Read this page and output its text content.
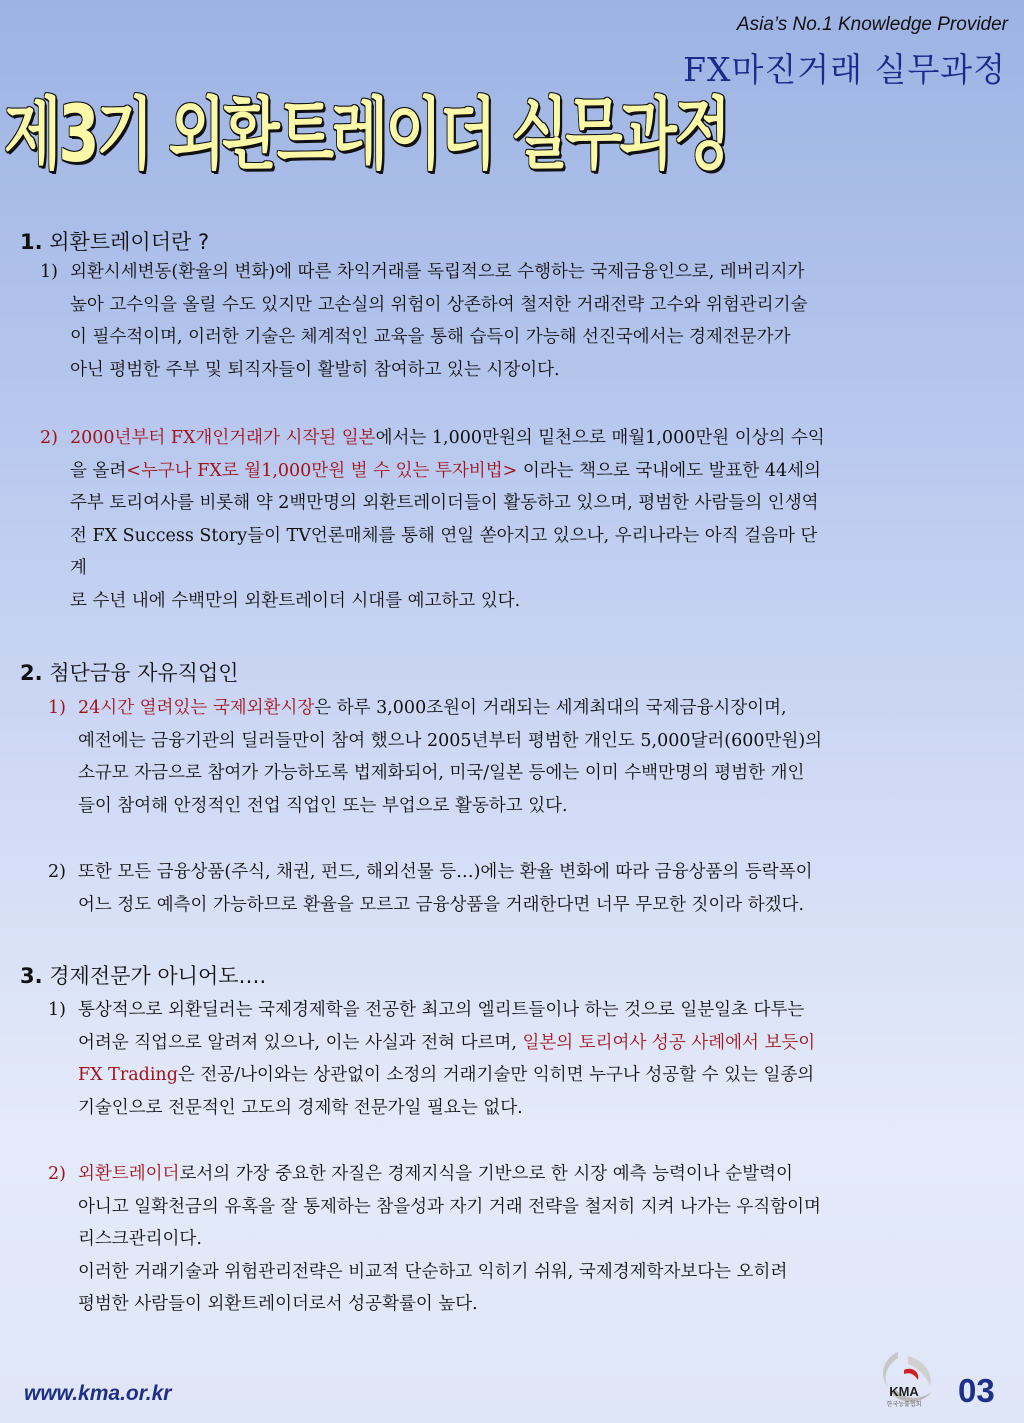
Asia’s No.1 Knowledge Provider
FX마진거래 실무과정
제3기 외환트레이더 실무과정
1. 외환트레이더란 ?
1) 외환시세변동(환율의 변화)에 따른 차익거래를 독립적으로 수행하는 국제금융인으로, 레버리지가
높아 고수익을 올릴 수도 있지만 고손실의 위험이 상존하여 철저한 거래전략 고수와 위험관리기술
이 필수적이며, 이러한 기술은 체계적인 교육을 통해 습득이 가능해 선진국에서는 경제전문가가
아닌 평범한 주부 및 퇴직자들이 활발히 참여하고 있는 시장이다.
2) 2000년부터 FX개인거래가 시작된 일본에서는 1,000만원의 밑천으로 매월1,000만원 이상의 수익
을 올려<누구나 FX로 월1,000만원 벌 수 있는 투자비법> 이라는 책으로 국내에도 발표한 44세의
주부 토리여사를 비롯해 약 2백만명의 외환트레이더들이 활동하고 있으며, 평범한 사람들의 인생역
전 FX Success Story들이 TV언론매체를 통해 연일 쏟아지고 있으나, 우리나라는 아직 걸음마 단
계
로 수년 내에 수백만의 외환트레이더 시대를 예고하고 있다.
2. 첨단금융 자유직업인
1) 24시간 열려있는 국제외환시장은 하루 3,000조원이 거래되는 세계최대의 국제금융시장이며,
예전에는 금융기관의 딜러들만이 참여 했으나 2005년부터 평범한 개인도 5,000달러(600만원)의
소규모 자금으로 참여가 가능하도록 법제화되어, 미국/일본 등에는 이미 수백만명의 평범한 개인
들이 참여해 안정적인 전업 직업인 또는 부업으로 활동하고 있다.
2) 또한 모든 금융상품(주식, 채권, 펀드, 해외선물 등…)에는 환율 변화에 따라 금융상품의 등락폭이
어느 정도 예측이 가능하므로 환율을 모르고 금융상품을 거래한다면 너무 무모한 짓이라 하겠다.
3. 경제전문가 아니어도….
1) 통상적으로 외환딜러는 국제경제학을 전공한 최고의 엘리트들이나 하는 것으로 일분일초 다투는
어려운 직업으로 알려져 있으나, 이는 사실과 전혀 다르며, 일본의 토리여사 성공 사례에서 보듯이
FX Trading은 전공/나이와는 상관없이 소정의 거래기술만 익히면 누구나 성공할 수 있는 일종의
기술인으로 전문적인 고도의 경제학 전문가일 필요는 없다.
2) 외환트레이더로서의 가장 중요한 자질은 경제지식을 기반으로 한 시장 예측 능력이나 순발력이
아니고 일확천금의 유혹을 잘 통제하는 참을성과 자기 거래 전략을 철저히 지켜 나가는 우직함이며
리스크관리이다.
이러한 거래기술과 위험관리전략은 비교적 단순하고 익히기 쉬워, 국제경제학자보다는 오히려
평범한 사람들이 외환트레이더로서 성공확률이 높다.
www.kma.or.kr	KMA
한국능률협회 03
